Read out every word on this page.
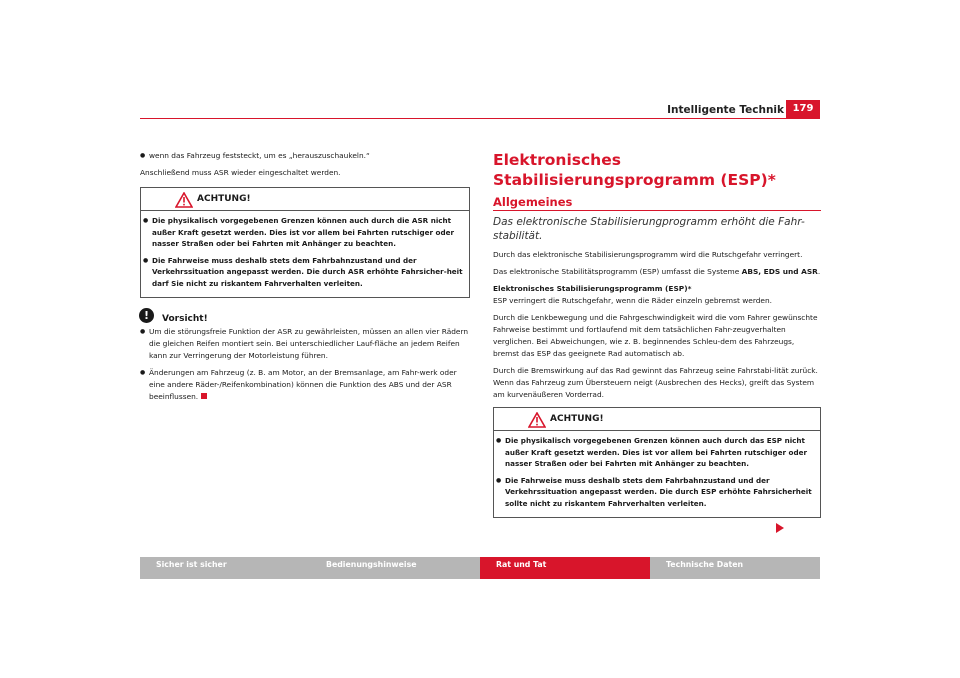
Intelligente Technik 179

● wenn das Fahrzeug feststeckt, um es „herauszuschaukeln.“

Anschließend muss ASR wieder eingeschaltet werden.

ACHTUNG!

● Die physikalisch vorgegebenen Grenzen können auch durch die ASR nicht außer Kraft gesetzt werden. Dies ist vor allem bei Fahrten rutschiger oder nasser Straßen oder bei Fahrten mit Anhänger zu beachten.

● Die Fahrweise muss deshalb stets dem Fahrbahnzustand und der Verkehrssituation angepasst werden. Die durch ASR erhöhte Fahrsicher-heit darf Sie nicht zu riskantem Fahrverhalten verleiten.

!	Vorsicht!

● Um die störungsfreie Funktion der ASR zu gewährleisten, müssen an allen vier Rädern die gleichen Reifen montiert sein. Bei unterschiedlicher Lauf-fläche an jedem Reifen kann zur Verringerung der Motorleistung führen.

● Änderungen am Fahrzeug (z. B. am Motor, an der Bremsanlage, am Fahr-werk oder eine andere Räder-/Reifenkombination) können die Funktion des ABS und der ASR beeinflussen.

Elektronisches Stabilisierungsprogramm (ESP)*
Allgemeines
Das elektronische Stabilisierungprogramm erhöht die Fahr-stabilität.

Durch das elektronische Stabilisierungsprogramm wird die Rutschgefahr verringert.

Das elektronische Stabilitätsprogramm (ESP) umfasst die Systeme ABS, EDS und ASR.

Elektronisches Stabilisierungsprogramm (ESP)*

ESP verringert die Rutschgefahr, wenn die Räder einzeln gebremst werden.

Durch die Lenkbewegung und die Fahrgeschwindigkeit wird die vom Fahrer gewünschte Fahrweise bestimmt und fortlaufend mit dem tatsächlichen Fahr-zeugverhalten verglichen. Bei Abweichungen, wie z. B. beginnendes Schleu-dem des Fahrzeugs, bremst das ESP das geeignete Rad automatisch ab.

Durch die Bremswirkung auf das Rad gewinnt das Fahrzeug seine Fahrstabi-lität zurück. Wenn das Fahrzeug zum Übersteuern neigt (Ausbrechen des Hecks), greift das System am kurvenäußeren Vorderrad.

ACHTUNG!

● Die physikalisch vorgegebenen Grenzen können auch durch das ESP nicht außer Kraft gesetzt werden. Dies ist vor allem bei Fahrten rutschiger oder nasser Straßen oder bei Fahrten mit Anhänger zu beachten.

● Die Fahrweise muss deshalb stets dem Fahrbahnzustand und der Verkehrssituation angepasst werden. Die durch ESP erhöhte Fahrsicherheit sollte nicht zu riskantem Fahrverhalten verleiten.

Sicher ist sicher	Bedienungshinweise	Rat und Tat	Technische Daten
